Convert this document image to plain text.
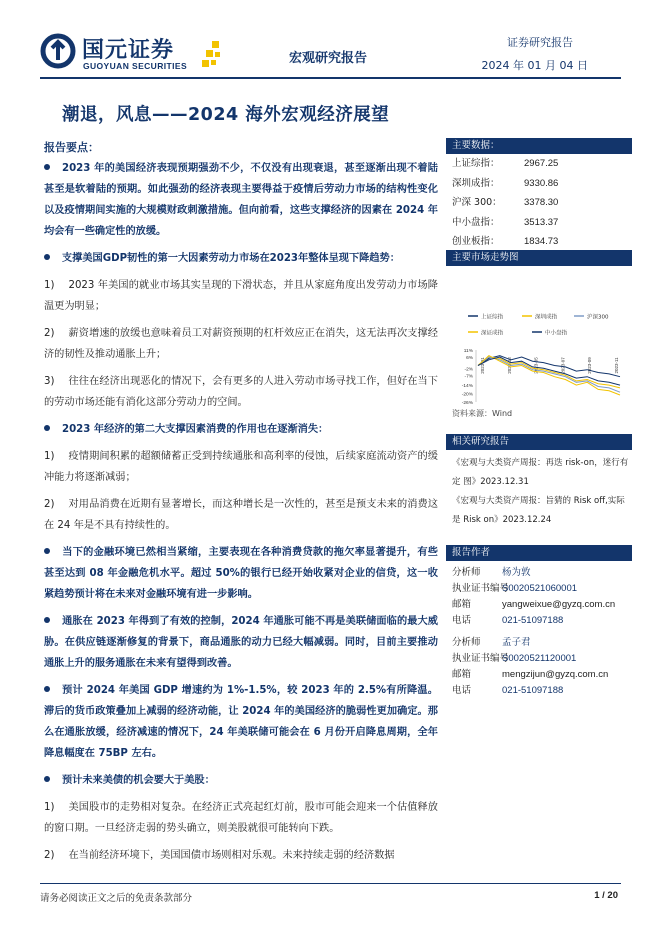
国元证券
GUOYUAN SECURITIES	宏观研究报告
证券研究报告
2024 年 01 月 04 日
潮退，风息——2024 海外宏观经济展望
报告要点：
2023 年的美国经济表现预期强劲不少，不仅没有出现衰退，甚至逐渐出现不着陆甚至是软着陆的预期。如此强劲的经济表现主要得益于疫情后劳动力市场的结构性变化以及疫情期间实施的大规模财政刺激措施。但向前看，这些支撑经济的因素在 2024 年均会有一些确定性的放缓。
支撑美国GDP韧性的第一大因素劳动力市场在2023年整体呈现下降趋势：
1) 2023 年美国的就业市场其实呈现的下滑状态，并且从家庭角度出发劳动力市场降温更为明显；
2) 薪资增速的放缓也意味着员工对薪资预期的杠杆效应正在消失，这无法再次支撑经济的韧性及推动通胀上升；
3) 往往在经济出现恶化的情况下，会有更多的人进入劳动市场寻找工作，但好在当下的劳动市场还能有消化这部分劳动力的空间。
2023 年经济的第二大支撑因素消费的作用也在逐渐消失：
1) 疫情期间积累的超额储蓄正受到持续通胀和高利率的侵蚀，后续家庭流动资产的缓冲能力将逐渐减弱；
2) 对用品消费在近期有显著增长，而这种增长是一次性的，甚至是预支未来的消费这在 24 年是不具有持续性的。
当下的金融环境已然相当紧缩，主要表现在各种消费贷款的拖欠率显著提升，有些甚至达到 08 年金融危机水平。超过 50%的银行已经开始收紧对企业的信贷，这一收紧趋势预计将在未来对金融环境有进一步影响。
通胀在 2023 年得到了有效的控制，2024 年通胀可能不再是美联储面临的最大威胁。在供应链逐渐修复的背景下，商品通胀的动力已经大幅减弱。同时，目前主要推动通胀上升的服务通胀在未来有望得到改善。
预计 2024 年美国 GDP 增速约为 1%-1.5%，较 2023 年的 2.5%有所降温。滞后的货币政策叠加上减弱的经济动能，让 2024 年的美国经济的脆弱性更加确定。那么在通胀放缓，经济减速的情况下，24 年美联储可能会在 6 月份开启降息周期，全年降息幅度在 75BP 左右。
预计未来美债的机会要大于美股：
1) 美国股市的走势相对复杂。在经济正式亮起红灯前，股市可能会迎来一个估值释放的窗口期。一旦经济走弱的势头确立，则美股就很可能转向下跌。
2) 在当前经济环境下，美国国债市场则相对乐观。未来持续走弱的经济数据
主要数据：
上证综指：	2967.25
深圳成指：	9330.86
沪深 300： 3378.30
中小盘指：	3513.37
创业板指：	1834.73
主要市场走势图
上证综指	深圳成指	沪深300
深证成指	中小盘指
11%
6%
-2%
-7%
-14%
-20%
-26%
2023-01	2023-03	2023-05	2023-07	2023-09	2023-11
资料来源：Wind
相关研究报告
《宏观与大类资产周报：再迭 risk-on，迷行有定 图》2023.12.31
《宏观与大类资产周报：旨猜的 Risk off,实际是 Risk on》2023.12.24
报告作者
分析师 杨为敦
执业证书编号
S0020521060001
邮箱	yangweixue@gyzq.com.cn
电话	021-51097188
分析师 孟子君
执业证书编号
S0020521120001
邮箱	mengzijun@gyzq.com.cn
电话	021-51097188
请务必阅读正文之后的免责条款部分	1 / 20
